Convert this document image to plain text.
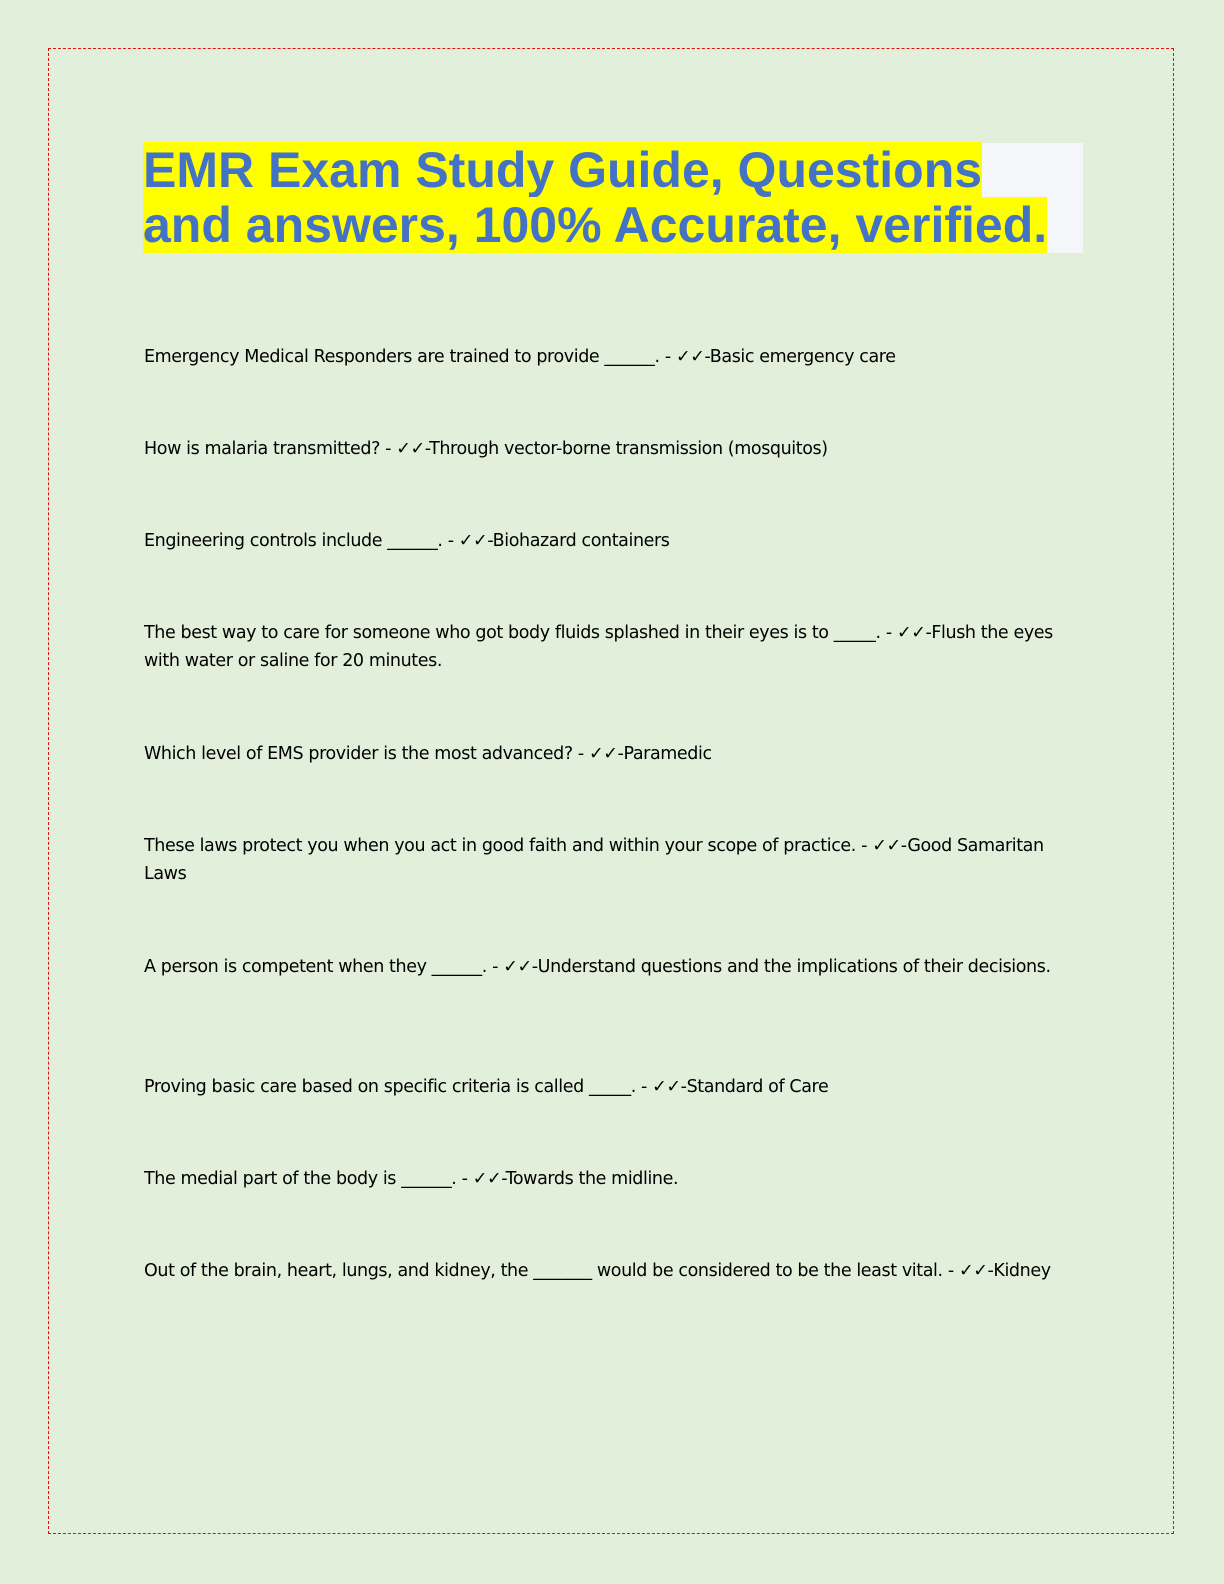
EMR Exam Study Guide, Questions and answers, 100% Accurate, verified.

Emergency Medical Responders are trained to provide ______. - ✓✓-Basic emergency care

How is malaria transmitted? - ✓✓-Through vector-borne transmission (mosquitos)

Engineering controls include ______. - ✓✓-Biohazard containers

The best way to care for someone who got body fluids splashed in their eyes is to _____. - ✓✓-Flush the eyes with water or saline for 20 minutes.

Which level of EMS provider is the most advanced? - ✓✓-Paramedic

These laws protect you when you act in good faith and within your scope of practice. - ✓✓-Good Samaritan Laws

A person is competent when they ______. - ✓✓-Understand questions and the implications of their decisions.

Proving basic care based on specific criteria is called _____. - ✓✓-Standard of Care

The medial part of the body is ______. - ✓✓-Towards the midline.

Out of the brain, heart, lungs, and kidney, the _______ would be considered to be the least vital. - ✓✓-Kidney
